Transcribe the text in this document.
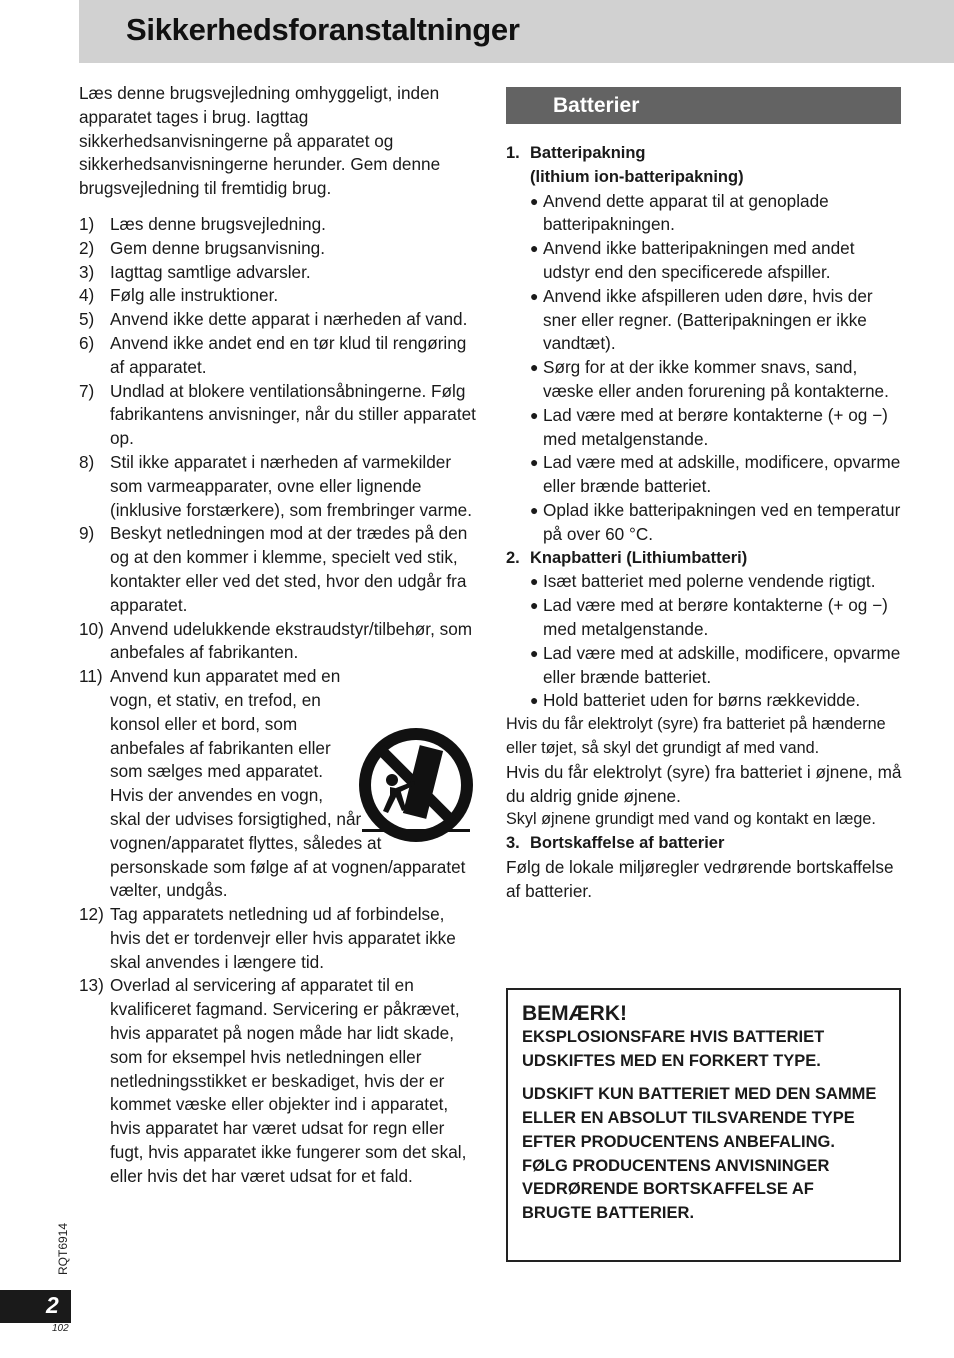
Sikkerhedsforanstaltninger

Læs denne brugsvejledning omhyggeligt, inden apparatet tages i brug. Iagttag sikkerhedsanvisningerne på apparatet og sikkerhedsanvisningerne herunder. Gem denne brugsvejledning til fremtidig brug.

1) Læs denne brugsvejledning.
2) Gem denne brugsanvisning.
3) Iagttag samtlige advarsler.
4) Følg alle instruktioner.
5) Anvend ikke dette apparat i nærheden af vand.
6) Anvend ikke andet end en tør klud til rengøring af apparatet.
7) Undlad at blokere ventilationsåbningerne. Følg fabrikantens anvisninger, når du stiller apparatet op.
8) Stil ikke apparatet i nærheden af varmekilder som varmeapparater, ovne eller lignende (inklusive forstærkere), som frembringer varme.
9) Beskyt netledningen mod at der trædes på den og at den kommer i klemme, specielt ved stik, kontakter eller ved det sted, hvor den udgår fra apparatet.
10) Anvend udelukkende ekstraudstyr/tilbehør, som anbefales af fabrikanten.
11) Anvend kun apparatet med en vogn, et stativ, en trefod, en konsol eller et bord, som anbefales af fabrikanten eller som sælges med apparatet. Hvis der anvendes en vogn,
skal der udvises forsigtighed, når vognen/apparatet flyttes, således at personskade som følge af at vognen/apparatet vælter, undgås.
12) Tag apparatets netledning ud af forbindelse, hvis det er tordenvejr eller hvis apparatet ikke skal anvendes i længere tid.
13) Overlad al servicering af apparatet til en kvalificeret fagmand. Servicering er påkrævet, hvis apparatet på nogen måde har lidt skade, som for eksempel hvis netledningen eller netledningsstikket er beskadiget, hvis der er kommet væske eller objekter ind i apparatet, hvis apparatet har været udsat for regn eller fugt, hvis apparatet ikke fungerer som det skal, eller hvis det har været udsat for et fald.
Batterier
1. Batteripakning
(lithium ion-batteripakning)
● Anvend dette apparat til at genoplade batteripakningen.
● Anvend ikke batteripakningen med andet udstyr end den specificerede afspiller.
● Anvend ikke afspilleren uden døre, hvis der sner eller regner. (Batteripakningen er ikke vandtæt).
● Sørg for at der ikke kommer snavs, sand, væske eller anden forurening på kontakterne.
● Lad være med at berøre kontakterne (+ og −) med metalgenstande.
● Lad være med at adskille, modificere, opvarme eller brænde batteriet.
● Oplad ikke batteripakningen ved en temperatur på over 60 °C.
2. Knapbatteri (Lithiumbatteri)
● Isæt batteriet med polerne vendende rigtigt.
● Lad være med at berøre kontakterne (+ og −) med metalgenstande.
● Lad være med at adskille, modificere, opvarme eller brænde batteriet.
● Hold batteriet uden for børns rækkevidde.

Hvis du får elektrolyt (syre) fra batteriet på hænderne eller tøjet, så skyl det grundigt af med vand.

Hvis du får elektrolyt (syre) fra batteriet i øjnene, må du aldrig gnide øjnene.

Skyl øjnene grundigt med vand og kontakt en læge.

3. Bortskaffelse af batterier

Følg de lokale miljøregler vedrørende bortskaffelse af batterier.

BEMÆRK!

EKSPLOSIONSFARE HVIS BATTERIET UDSKIFTES MED EN FORKERT TYPE.

UDSKIFT KUN BATTERIET MED DEN SAMME ELLER EN ABSOLUT TILSVARENDE TYPE EFTER PRODUCENTENS ANBEFALING. FØLG PRODUCENTENS ANVISNINGER VEDRØRENDE BORTSKAFFELSE AF BRUGTE BATTERIER.

RQT6914
2
102
